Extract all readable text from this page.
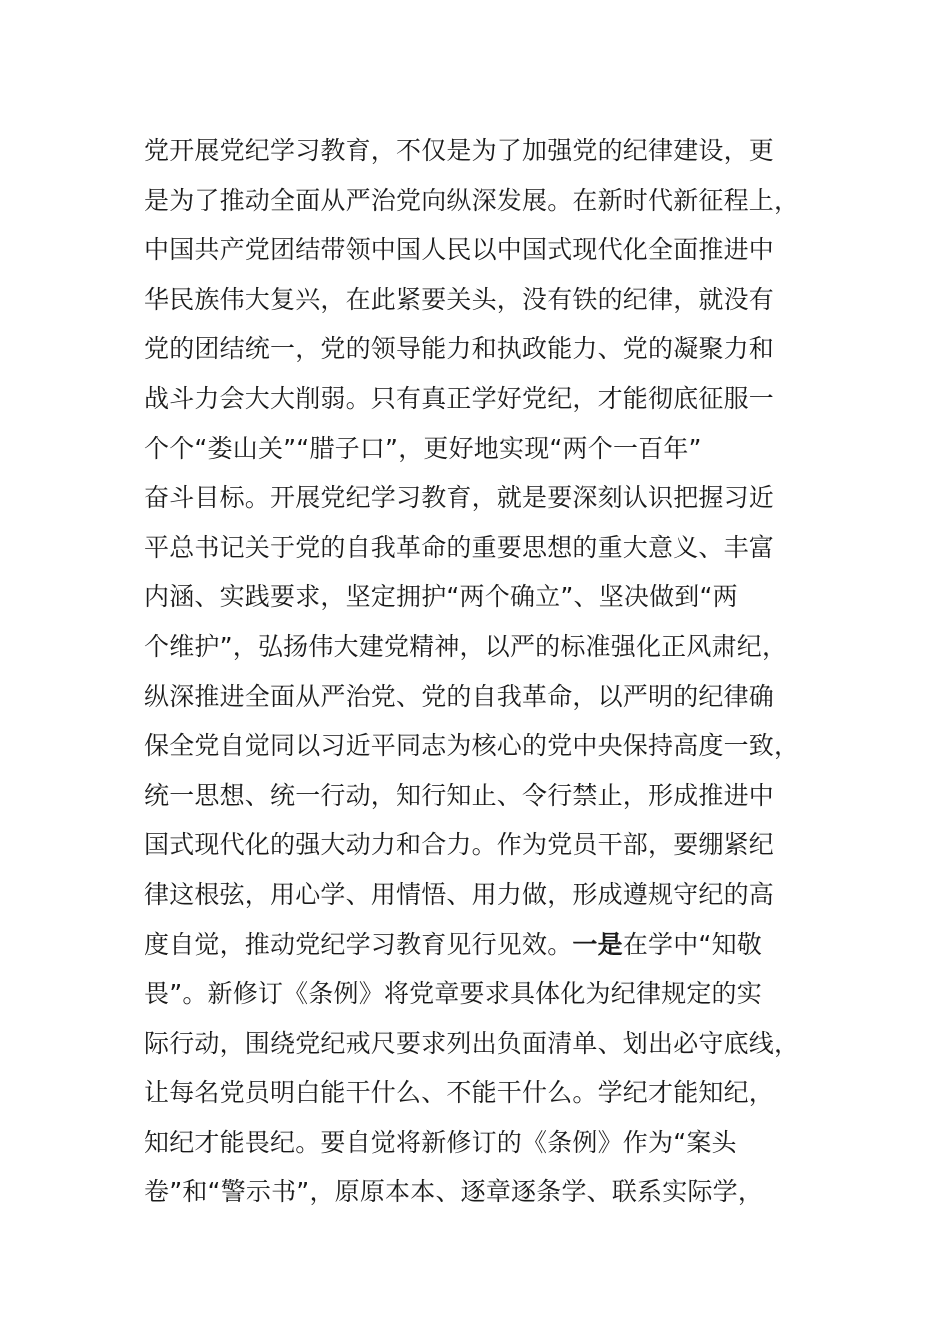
党开展党纪学习教育，不仅是为了加强党的纪律建设，更
是为了推动全面从严治党向纵深发展。在新时代新征程上，
中国共产党团结带领中国人民以中国式现代化全面推进中
华民族伟大复兴，在此紧要关头，没有铁的纪律，就没有
党的团结统一，党的领导能力和执政能力、党的凝聚力和
战斗力会大大削弱。只有真正学好党纪，才能彻底征服一
个个“娄山关”“腊子口”，更好地实现“两个一百年”
奋斗目标。开展党纪学习教育，就是要深刻认识把握习近
平总书记关于党的自我革命的重要思想的重大意义、丰富
内涵、实践要求，坚定拥护“两个确立”、坚决做到“两
个维护”，弘扬伟大建党精神，以严的标准强化正风肃纪，
纵深推进全面从严治党、党的自我革命，以严明的纪律确
保全党自觉同以习近平同志为核心的党中央保持高度一致，
统一思想、统一行动，知行知止、令行禁止，形成推进中
国式现代化的强大动力和合力。作为党员干部，要绷紧纪
律这根弦，用心学、用情悟、用力做，形成遵规守纪的高
度自觉，推动党纪学习教育见行见效。一是在学中“知敬
畏”。新修订《条例》将党章要求具体化为纪律规定的实
际行动，围绕党纪戒尺要求列出负面清单、划出必守底线，
让每名党员明白能干什么、不能干什么。学纪才能知纪，
知纪才能畏纪。要自觉将新修订的《条例》作为“案头
卷”和“警示书”，原原本本、逐章逐条学、联系实际学，
